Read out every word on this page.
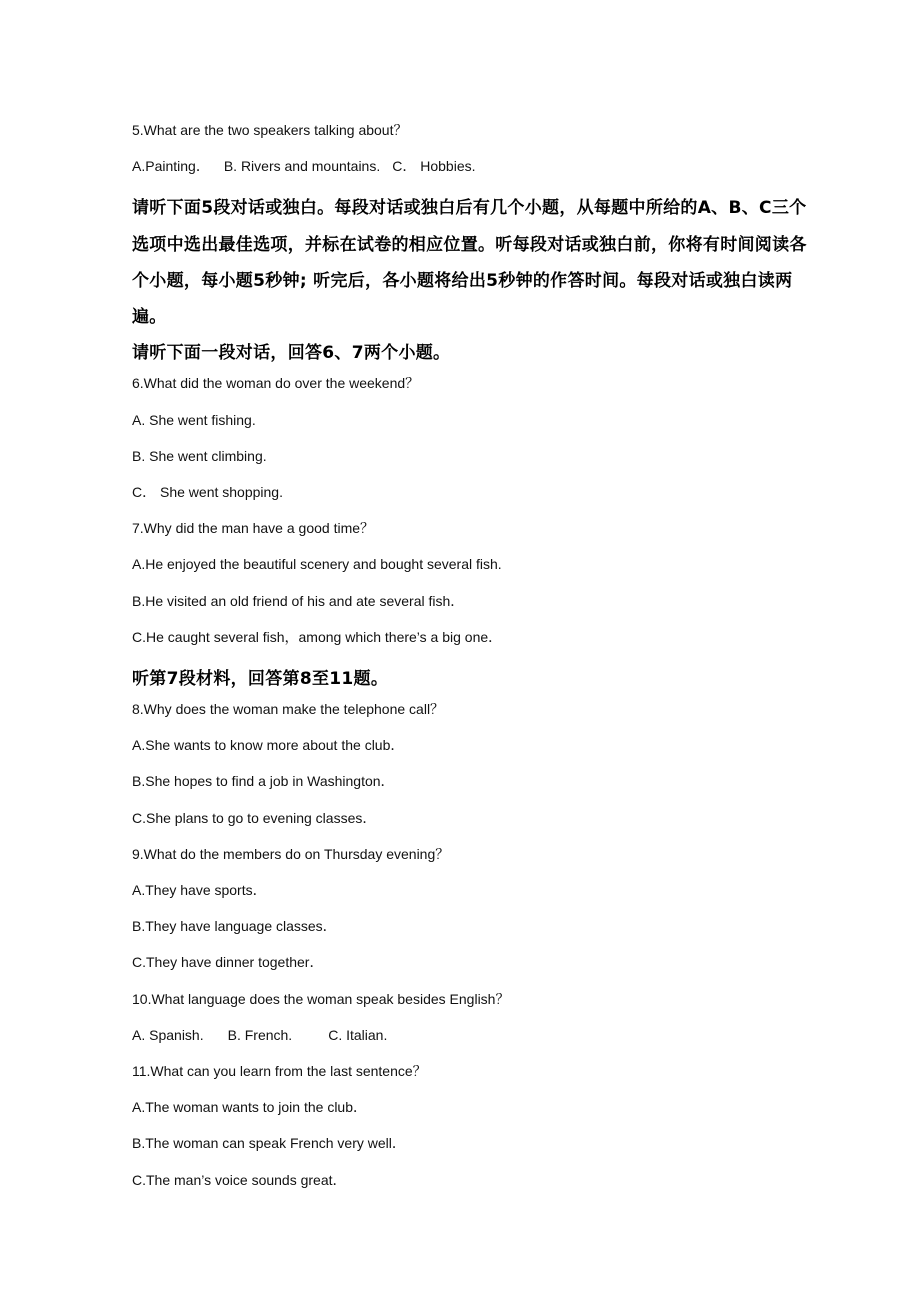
5.What are the two speakers talking about？
A.Painting． B. Rivers and mountains. C． Hobbies.
请听下面5段对话或独白。每段对话或独白后有几个小题，从每题中所给的A、B、C三个选项中选出最佳选项，并标在试卷的相应位置。听每段对话或独白前，你将有时间阅读各个小题，每小题5秒钟; 听完后，各小题将给出5秒钟的作答时间。每段对话或独白读两遍。
请听下面一段对话，回答6、7两个小题。
6.What did the woman do over the weekend？
A. She went fishing.
B. She went climbing.
C． She went shopping.
7.Why did the man have a good time？
A.He enjoyed the beautiful scenery and bought several fish.
B.He visited an old friend of his and ate several fish．
C.He caught several fish，among which there’s a big one．
听第7段材料，回答第8至11题。
8.Why does the woman make the telephone call？
A.She wants to know more about the club．
B.She hopes to find a job in Washington．
C.She plans to go to evening classes．
9.What do the members do on Thursday evening？
A.They have sports．
B.They have language classes．
C.They have dinner together．
10.What language does the woman speak besides English？
A. Spanish. B. French.	C. Italian.
11.What can you learn from the last sentence？
A.The woman wants to join the club．
B.The woman can speak French very well．
C.The man’s voice sounds great．
